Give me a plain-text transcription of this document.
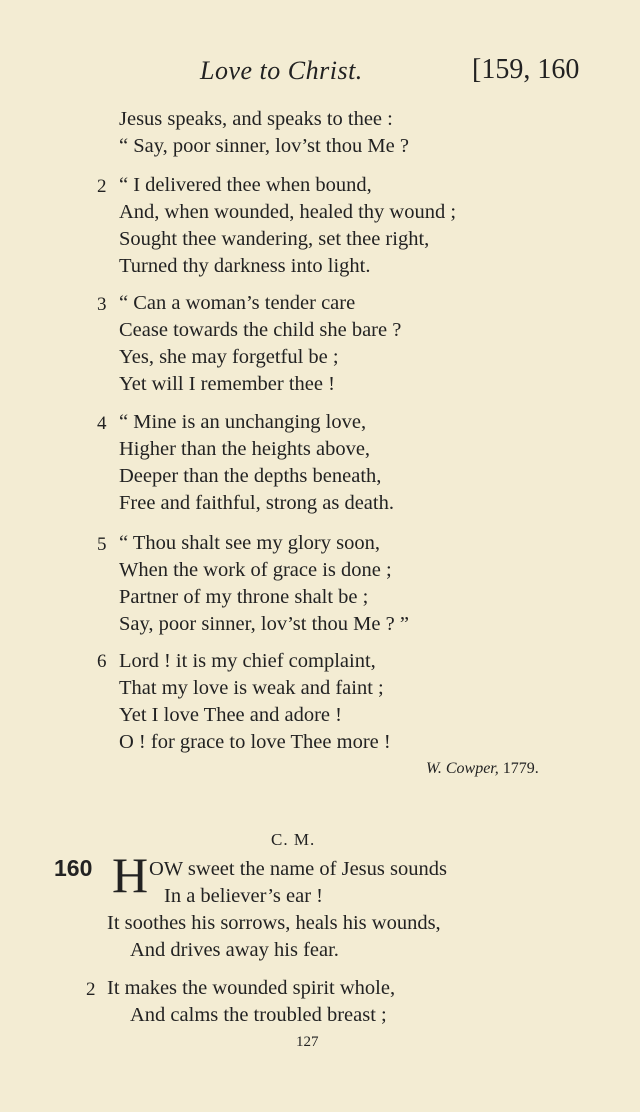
Love to Christ.	[159, 160
Jesus speaks, and speaks to thee :
“ Say, poor sinner, lov’st thou Me ?
2 “ I delivered thee when bound,
And, when wounded, healed thy wound ;
Sought thee wandering, set thee right,
Turned thy darkness into light.
3 “ Can a woman’s tender care
Cease towards the child she bare ?
Yes, she may forgetful be ;
Yet will I remember thee !
4 “ Mine is an unchanging love,
Higher than the heights above,
Deeper than the depths beneath,
Free and faithful, strong as death.
5 “ Thou shalt see my glory soon,
When the work of grace is done ;
Partner of my throne shalt be ;
Say, poor sinner, lov’st thou Me ? ”
6 Lord ! it is my chief complaint,
That my love is weak and faint ;
Yet I love Thee and adore !
O ! for grace to love Thee more !
W. Cowper, 1779.
C. M.
160 H OW sweet the name of Jesus sounds
In a believer’s ear !
It soothes his sorrows, heals his wounds,
And drives away his fear.
2 It makes the wounded spirit whole,
And calms the troubled breast ;
127
